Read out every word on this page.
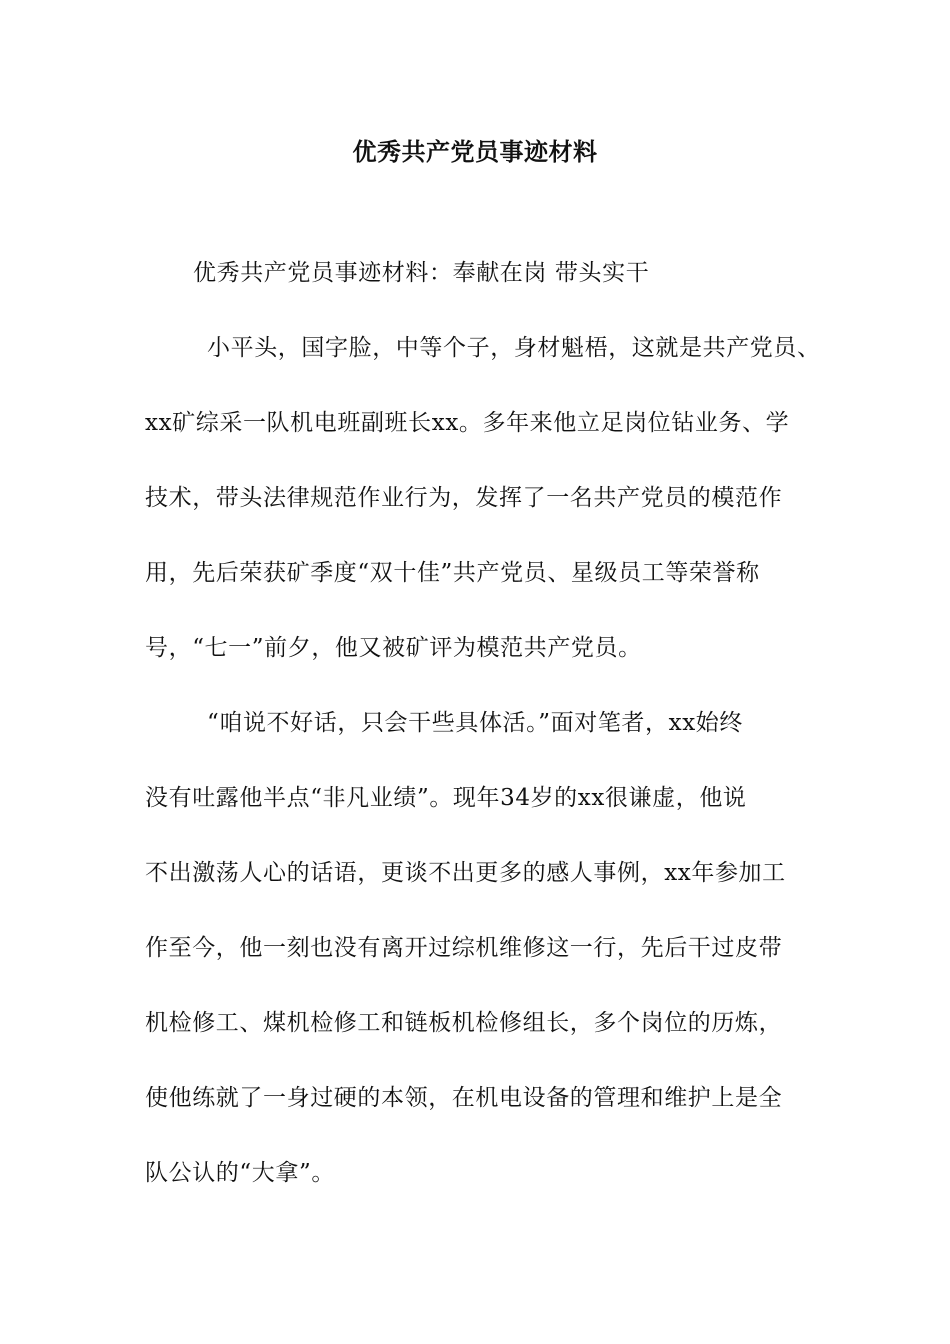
优秀共产党员事迹材料
优秀共产党员事迹材料：奉献在岗 带头实干
小平头，国字脸，中等个子，身材魁梧，这就是共产党员、
xx矿综采一队机电班副班长xx。多年来他立足岗位钻业务、学
技术，带头法律规范作业行为，发挥了一名共产党员的模范作
用，先后荣获矿季度“双十佳”共产党员、星级员工等荣誉称
号，“七一”前夕，他又被矿评为模范共产党员。
“咱说不好话，只会干些具体活。”面对笔者，xx始终
没有吐露他半点“非凡业绩”。现年34岁的xx很谦虚，他说
不出激荡人心的话语，更谈不出更多的感人事例，xx年参加工
作至今，他一刻也没有离开过综机维修这一行，先后干过皮带
机检修工、煤机检修工和链板机检修组长，多个岗位的历炼，
使他练就了一身过硬的本领，在机电设备的管理和维护上是全
队公认的“大拿”。
